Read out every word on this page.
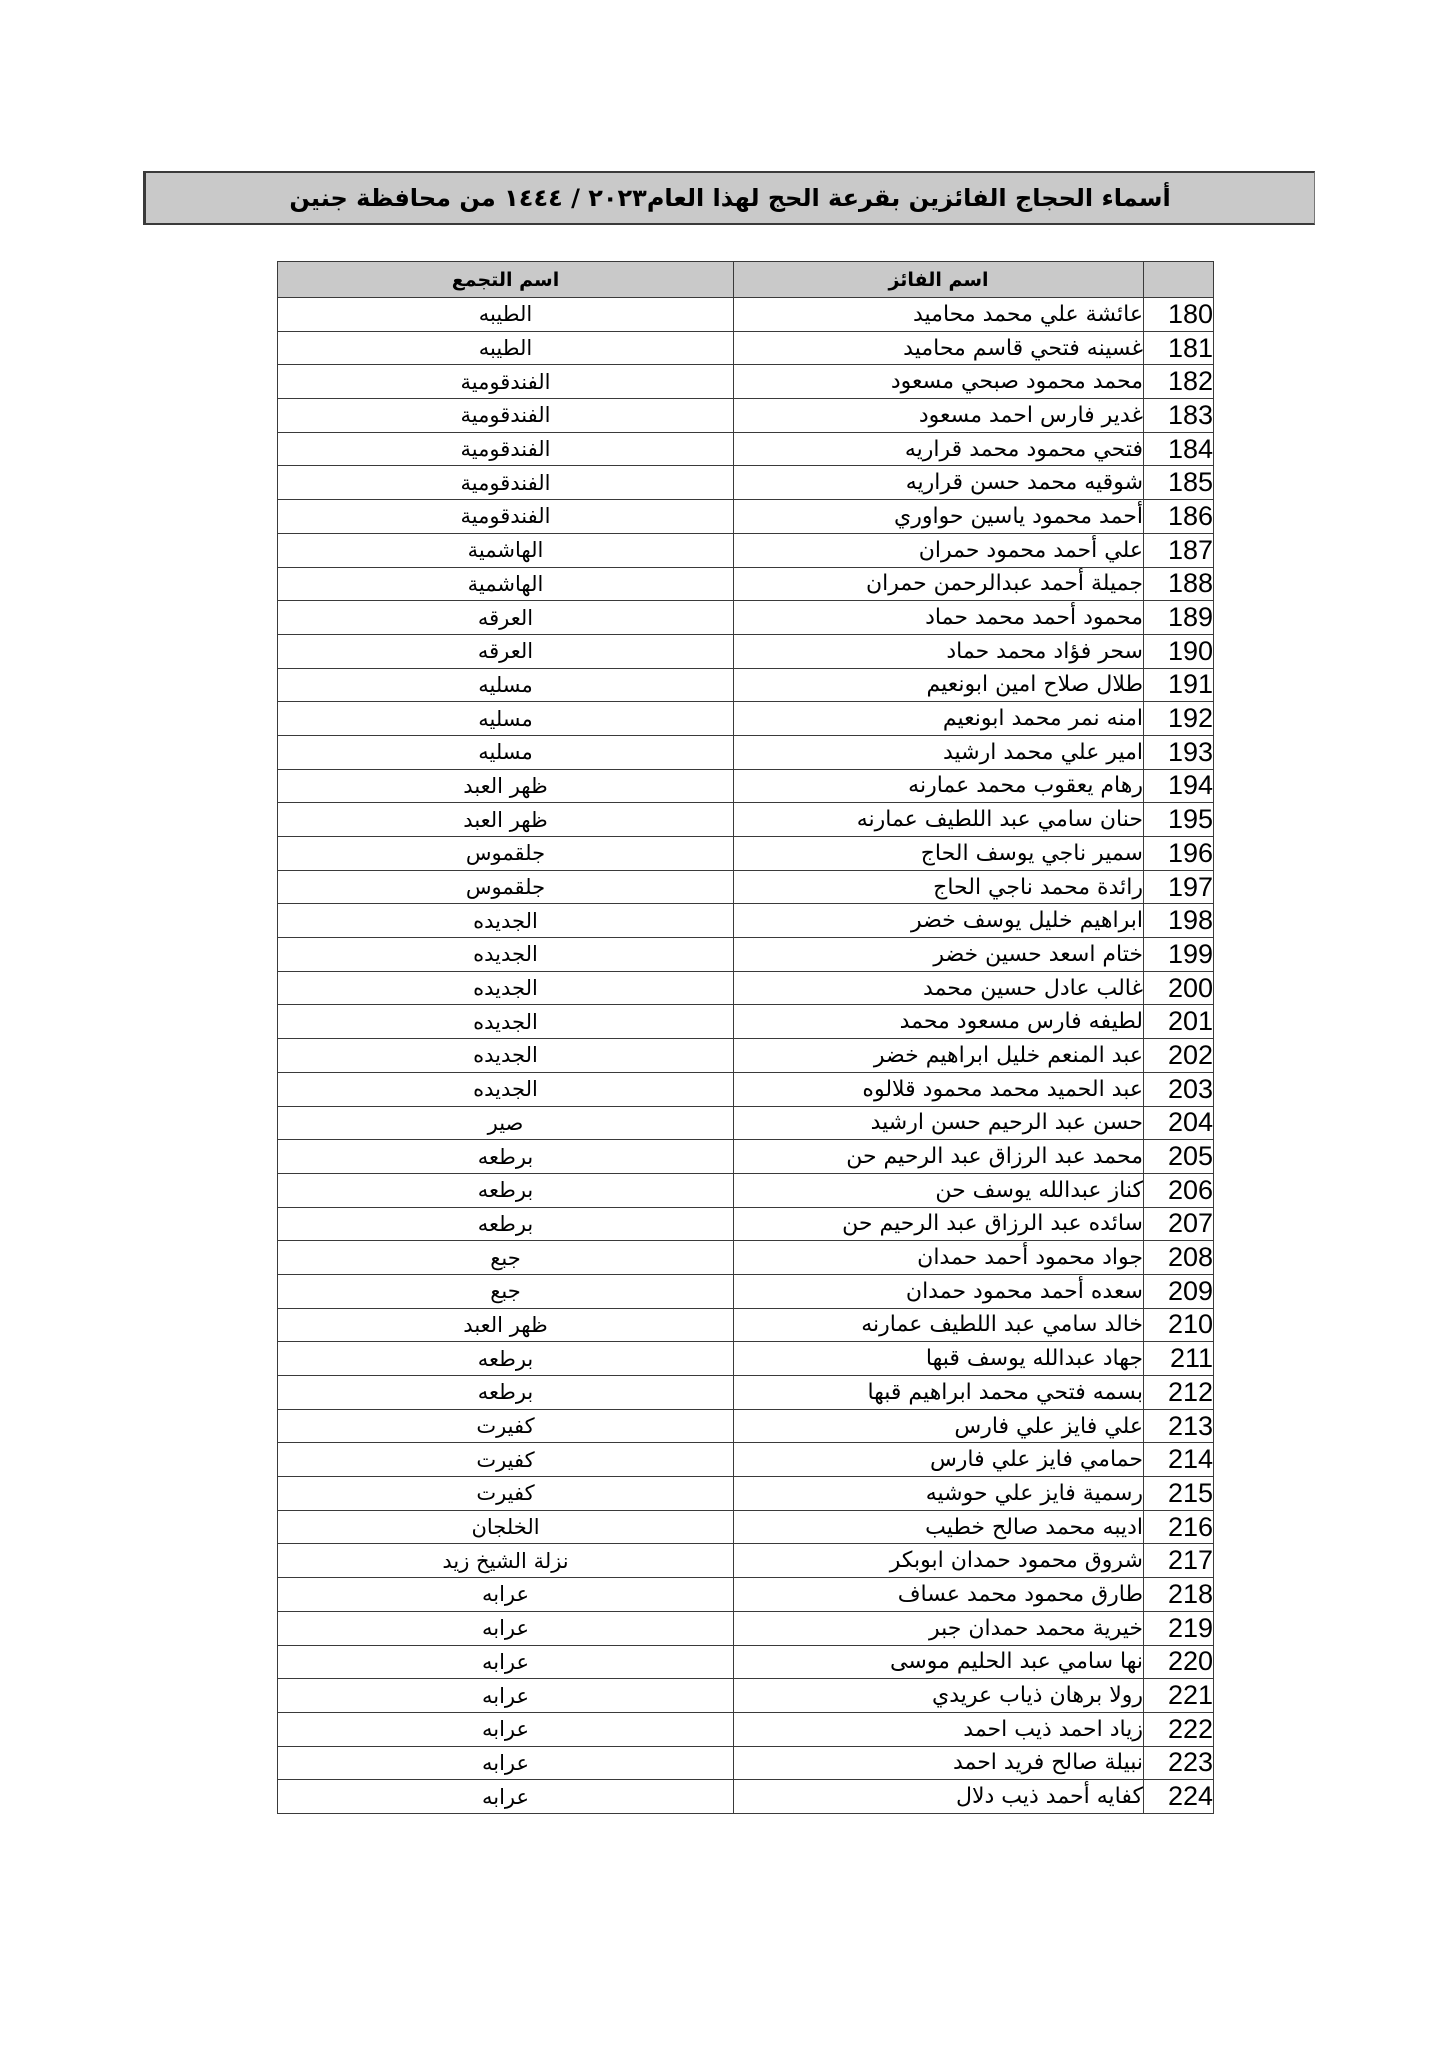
أسماء الحجاج الفائزين بقرعة الحج لهذا العام٢٠٢٣ / ١٤٤٤ من محافظة جنين
	اسم الفائز	اسم التجمع
180	عائشة علي محمد محاميد	الطيبه
181	غسينه فتحي قاسم محاميد	الطيبه
182	محمد محمود صبحي مسعود	الفندقومية
183	غدير فارس احمد مسعود	الفندقومية
184	فتحي محمود محمد قراريه	الفندقومية
185	شوقيه محمد حسن قراريه	الفندقومية
186	أحمد محمود ياسين حواوري	الفندقومية
187	علي أحمد محمود حمران	الهاشمية
188	جميلة أحمد عبدالرحمن حمران	الهاشمية
189	محمود أحمد محمد حماد	العرقه
190	سحر فؤاد محمد حماد	العرقه
191	طلال صلاح امين ابونعيم	مسليه
192	امنه نمر محمد ابونعيم	مسليه
193	امير علي محمد ارشيد	مسليه
194	رهام يعقوب محمد عمارنه	ظهر العبد
195	حنان سامي عبد اللطيف عمارنه	ظهر العبد
196	سمير ناجي يوسف الحاج	جلقموس
197	رائدة محمد ناجي الحاج	جلقموس
198	ابراهيم خليل يوسف خضر	الجديده
199	ختام اسعد حسين خضر	الجديده
200	غالب عادل حسين محمد	الجديده
201	لطيفه فارس مسعود محمد	الجديده
202	عبد المنعم خليل ابراهيم خضر	الجديده
203	عبد الحميد محمد محمود قلالوه	الجديده
204	حسن عبد الرحيم حسن ارشيد	صير
205	محمد عبد الرزاق عبد الرحيم حن	برطعه
206	كناز عبدالله يوسف حن	برطعه
207	سائده عبد الرزاق عبد الرحيم حن	برطعه
208	جواد محمود أحمد حمدان	جبع
209	سعده أحمد محمود حمدان	جبع
210	خالد سامي عبد اللطيف عمارنه	ظهر العبد
211	جهاد عبدالله يوسف قبها	برطعه
212	بسمه فتحي محمد ابراهيم قبها	برطعه
213	علي فايز علي فارس	كفيرت
214	حمامي فايز علي فارس	كفيرت
215	رسمية فايز علي حوشيه	كفيرت
216	اديبه محمد صالح خطيب	الخلجان
217	شروق محمود حمدان ابوبكر	نزلة الشيخ زيد
218	طارق محمود محمد عساف	عرابه
219	خيرية محمد حمدان جبر	عرابه
220	نها سامي عبد الحليم موسى	عرابه
221	رولا برهان ذياب عريدي	عرابه
222	زياد احمد ذيب احمد	عرابه
223	نبيلة صالح فريد احمد	عرابه
224	كفايه أحمد ذيب دلال	عرابه
